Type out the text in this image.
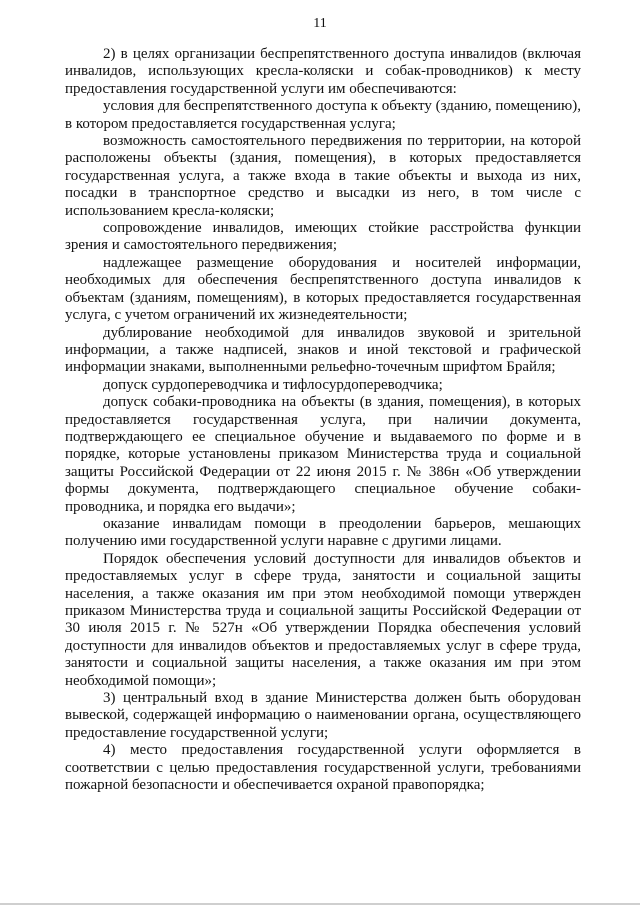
11

2) в целях организации беспрепятственного доступа инвалидов (включая инвалидов, использующих кресла-коляски и собак-проводников) к месту предоставления государственной услуги им обеспечиваются:

условия для беспрепятственного доступа к объекту (зданию, помещению), в котором предоставляется государственная услуга;

возможность самостоятельного передвижения по территории, на которой расположены объекты (здания, помещения), в которых предоставляется государственная услуга, а также входа в такие объекты и выхода из них, посадки в транспортное средство и высадки из него, в том числе с использованием кресла-коляски;

сопровождение инвалидов, имеющих стойкие расстройства функции зрения и самостоятельного передвижения;

надлежащее размещение оборудования и носителей информации, необходимых для обеспечения беспрепятственного доступа инвалидов к объектам (зданиям, помещениям), в которых предоставляется государственная услуга, с учетом ограничений их жизнедеятельности;

дублирование необходимой для инвалидов звуковой и зрительной информации, а также надписей, знаков и иной текстовой и графической информации знаками, выполненными рельефно-точечным шрифтом Брайля;

допуск сурдопереводчика и тифлосурдопереводчика;

допуск собаки-проводника на объекты (в здания, помещения), в которых предоставляется государственная услуга, при наличии документа, подтверждающего ее специальное обучение и выдаваемого по форме и в порядке, которые установлены приказом Министерства труда и социальной защиты Российской Федерации от 22 июня 2015 г. № 386н «Об утверждении формы документа, подтверждающего специальное обучение собаки-проводника, и порядка его выдачи»;

оказание инвалидам помощи в преодолении барьеров, мешающих получению ими государственной услуги наравне с другими лицами.

Порядок обеспечения условий доступности для инвалидов объектов и предоставляемых услуг в сфере труда, занятости и социальной защиты населения, а также оказания им при этом необходимой помощи утвержден приказом Министерства труда и социальной защиты Российской Федерации от 30 июля 2015 г. № 527н «Об утверждении Порядка обеспечения условий доступности для инвалидов объектов и предоставляемых услуг в сфере труда, занятости и социальной защиты населения, а также оказания им при этом необходимой помощи»;

3) центральный вход в здание Министерства должен быть оборудован вывеской, содержащей информацию о наименовании органа, осуществляющего предоставление государственной услуги;

4) место предоставления государственной услуги оформляется в соответствии с целью предоставления государственной услуги, требованиями пожарной безопасности и обеспечивается охраной правопорядка;
